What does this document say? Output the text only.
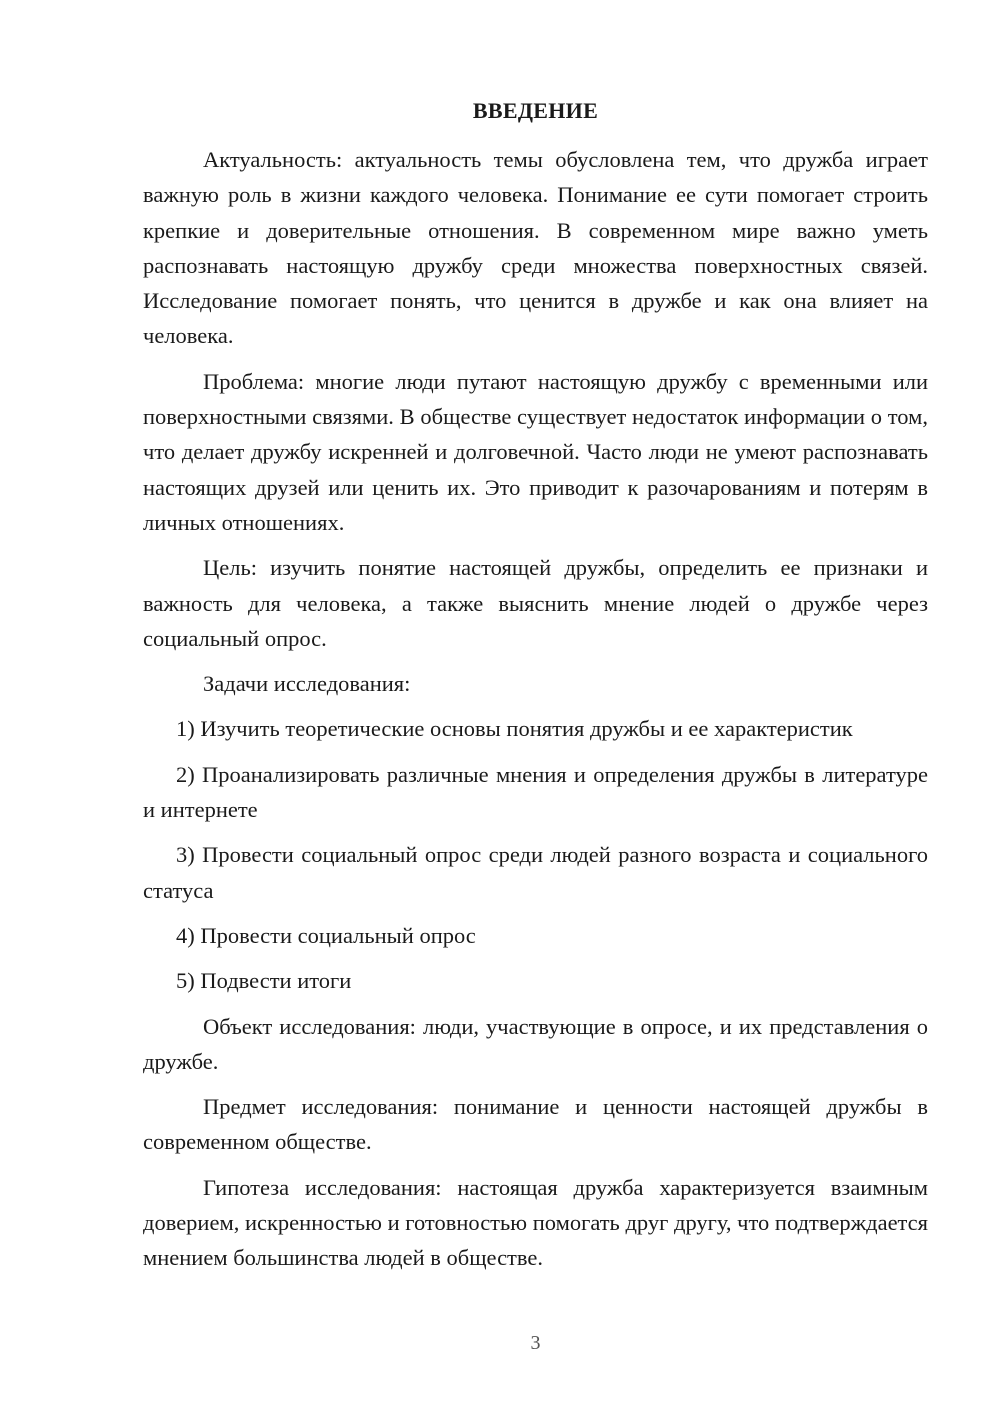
ВВЕДЕНИЕ

Актуальность: актуальность темы обусловлена тем, что дружба играет важную роль в жизни каждого человека. Понимание ее сути помогает строить крепкие и доверительные отношения. В современном мире важно уметь распознавать настоящую дружбу среди множества поверхностных связей. Исследование помогает понять, что ценится в дружбе и как она влияет на человека.

Проблема: многие люди путают настоящую дружбу с временными или поверхностными связями. В обществе существует недостаток информации о том, что делает дружбу искренней и долговечной. Часто люди не умеют распознавать настоящих друзей или ценить их. Это приводит к разочарованиям и потерям в личных отношениях.

Цель: изучить понятие настоящей дружбы, определить ее признаки и важность для человека, а также выяснить мнение людей о дружбе через социальный опрос.

Задачи исследования:

1) Изучить теоретические основы понятия дружбы и ее характеристик

2) Проанализировать различные мнения и определения дружбы в литературе и интернете

3) Провести социальный опрос среди людей разного возраста и социального статуса

4) Провести социальный опрос

5) Подвести итоги

Объект исследования: люди, участвующие в опросе, и их представления о дружбе.

Предмет исследования: понимание и ценности настоящей дружбы в современном обществе.

Гипотеза исследования: настоящая дружба характеризуется взаимным доверием, искренностью и готовностью помогать друг другу, что подтверждается мнением большинства людей в обществе.

3
